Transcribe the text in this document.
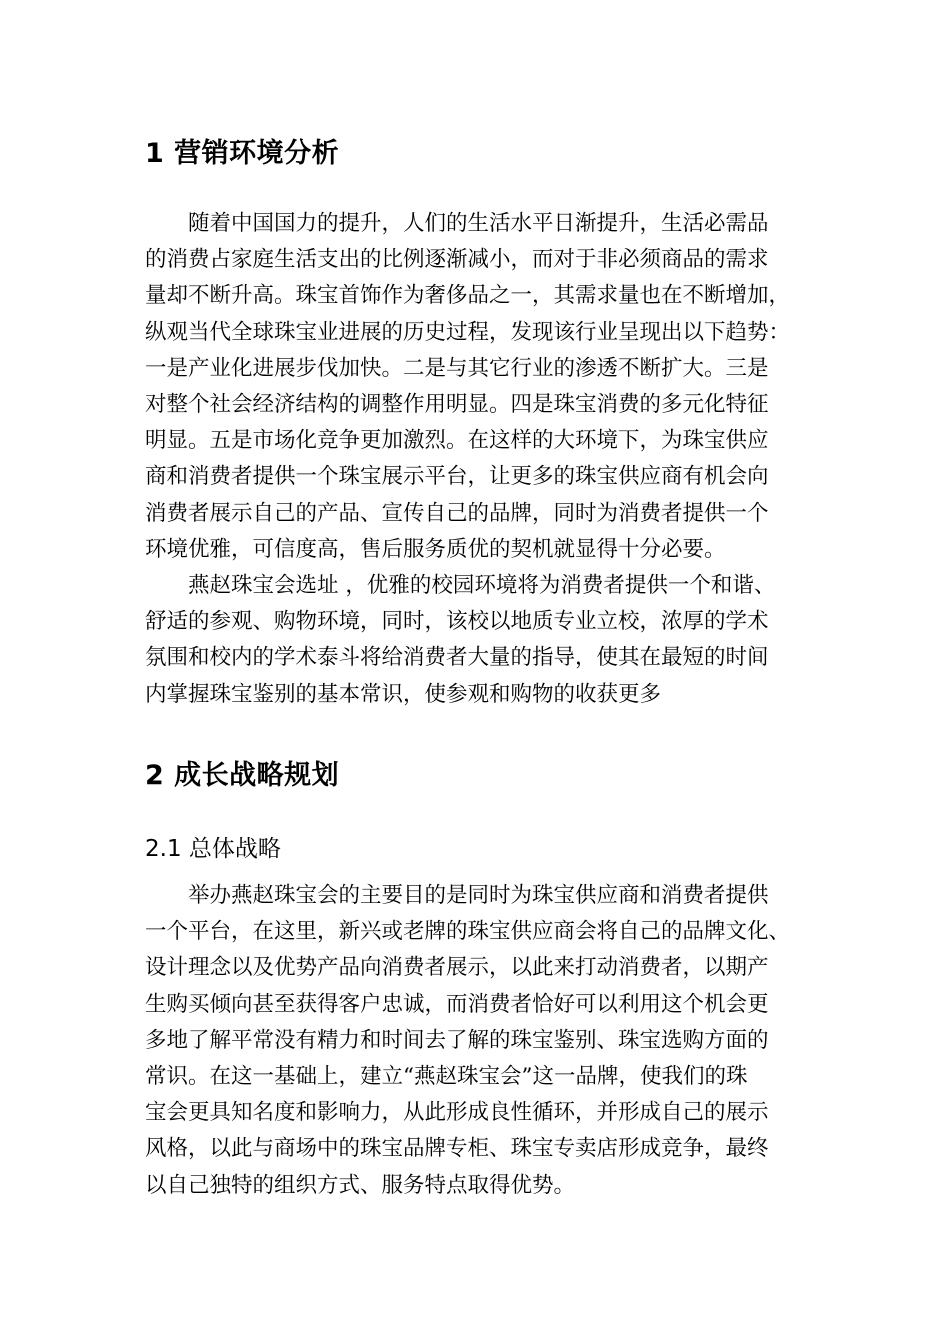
1 营销环境分析
随着中国国力的提升，人们的生活水平日渐提升，生活必需品
的消费占家庭生活支出的比例逐渐减小，而对于非必须商品的需求
量却不断升高。珠宝首饰作为奢侈品之一，其需求量也在不断增加，
纵观当代全球珠宝业进展的历史过程，发现该行业呈现出以下趋势：
一是产业化进展步伐加快。二是与其它行业的渗透不断扩大。三是
对整个社会经济结构的调整作用明显。四是珠宝消费的多元化特征
明显。五是市场化竞争更加激烈。在这样的大环境下，为珠宝供应
商和消费者提供一个珠宝展示平台，让更多的珠宝供应商有机会向
消费者展示自己的产品、宣传自己的品牌，同时为消费者提供一个
环境优雅，可信度高，售后服务质优的契机就显得十分必要。
燕赵珠宝会选址 ，优雅的校园环境将为消费者提供一个和谐、
舒适的参观、购物环境，同时，该校以地质专业立校，浓厚的学术
氛围和校内的学术泰斗将给消费者大量的指导，使其在最短的时间
内掌握珠宝鉴别的基本常识，使参观和购物的收获更多
2 成长战略规划
2.1 总体战略
举办燕赵珠宝会的主要目的是同时为珠宝供应商和消费者提供
一个平台，在这里，新兴或老牌的珠宝供应商会将自己的品牌文化、
设计理念以及优势产品向消费者展示，以此来打动消费者，以期产
生购买倾向甚至获得客户忠诚，而消费者恰好可以利用这个机会更
多地了解平常没有精力和时间去了解的珠宝鉴别、珠宝选购方面的
常识。在这一基础上，建立“燕赵珠宝会”这一品牌，使我们的珠
宝会更具知名度和影响力，从此形成良性循环，并形成自己的展示
风格，以此与商场中的珠宝品牌专柜、珠宝专卖店形成竞争，最终
以自己独特的组织方式、服务特点取得优势。
